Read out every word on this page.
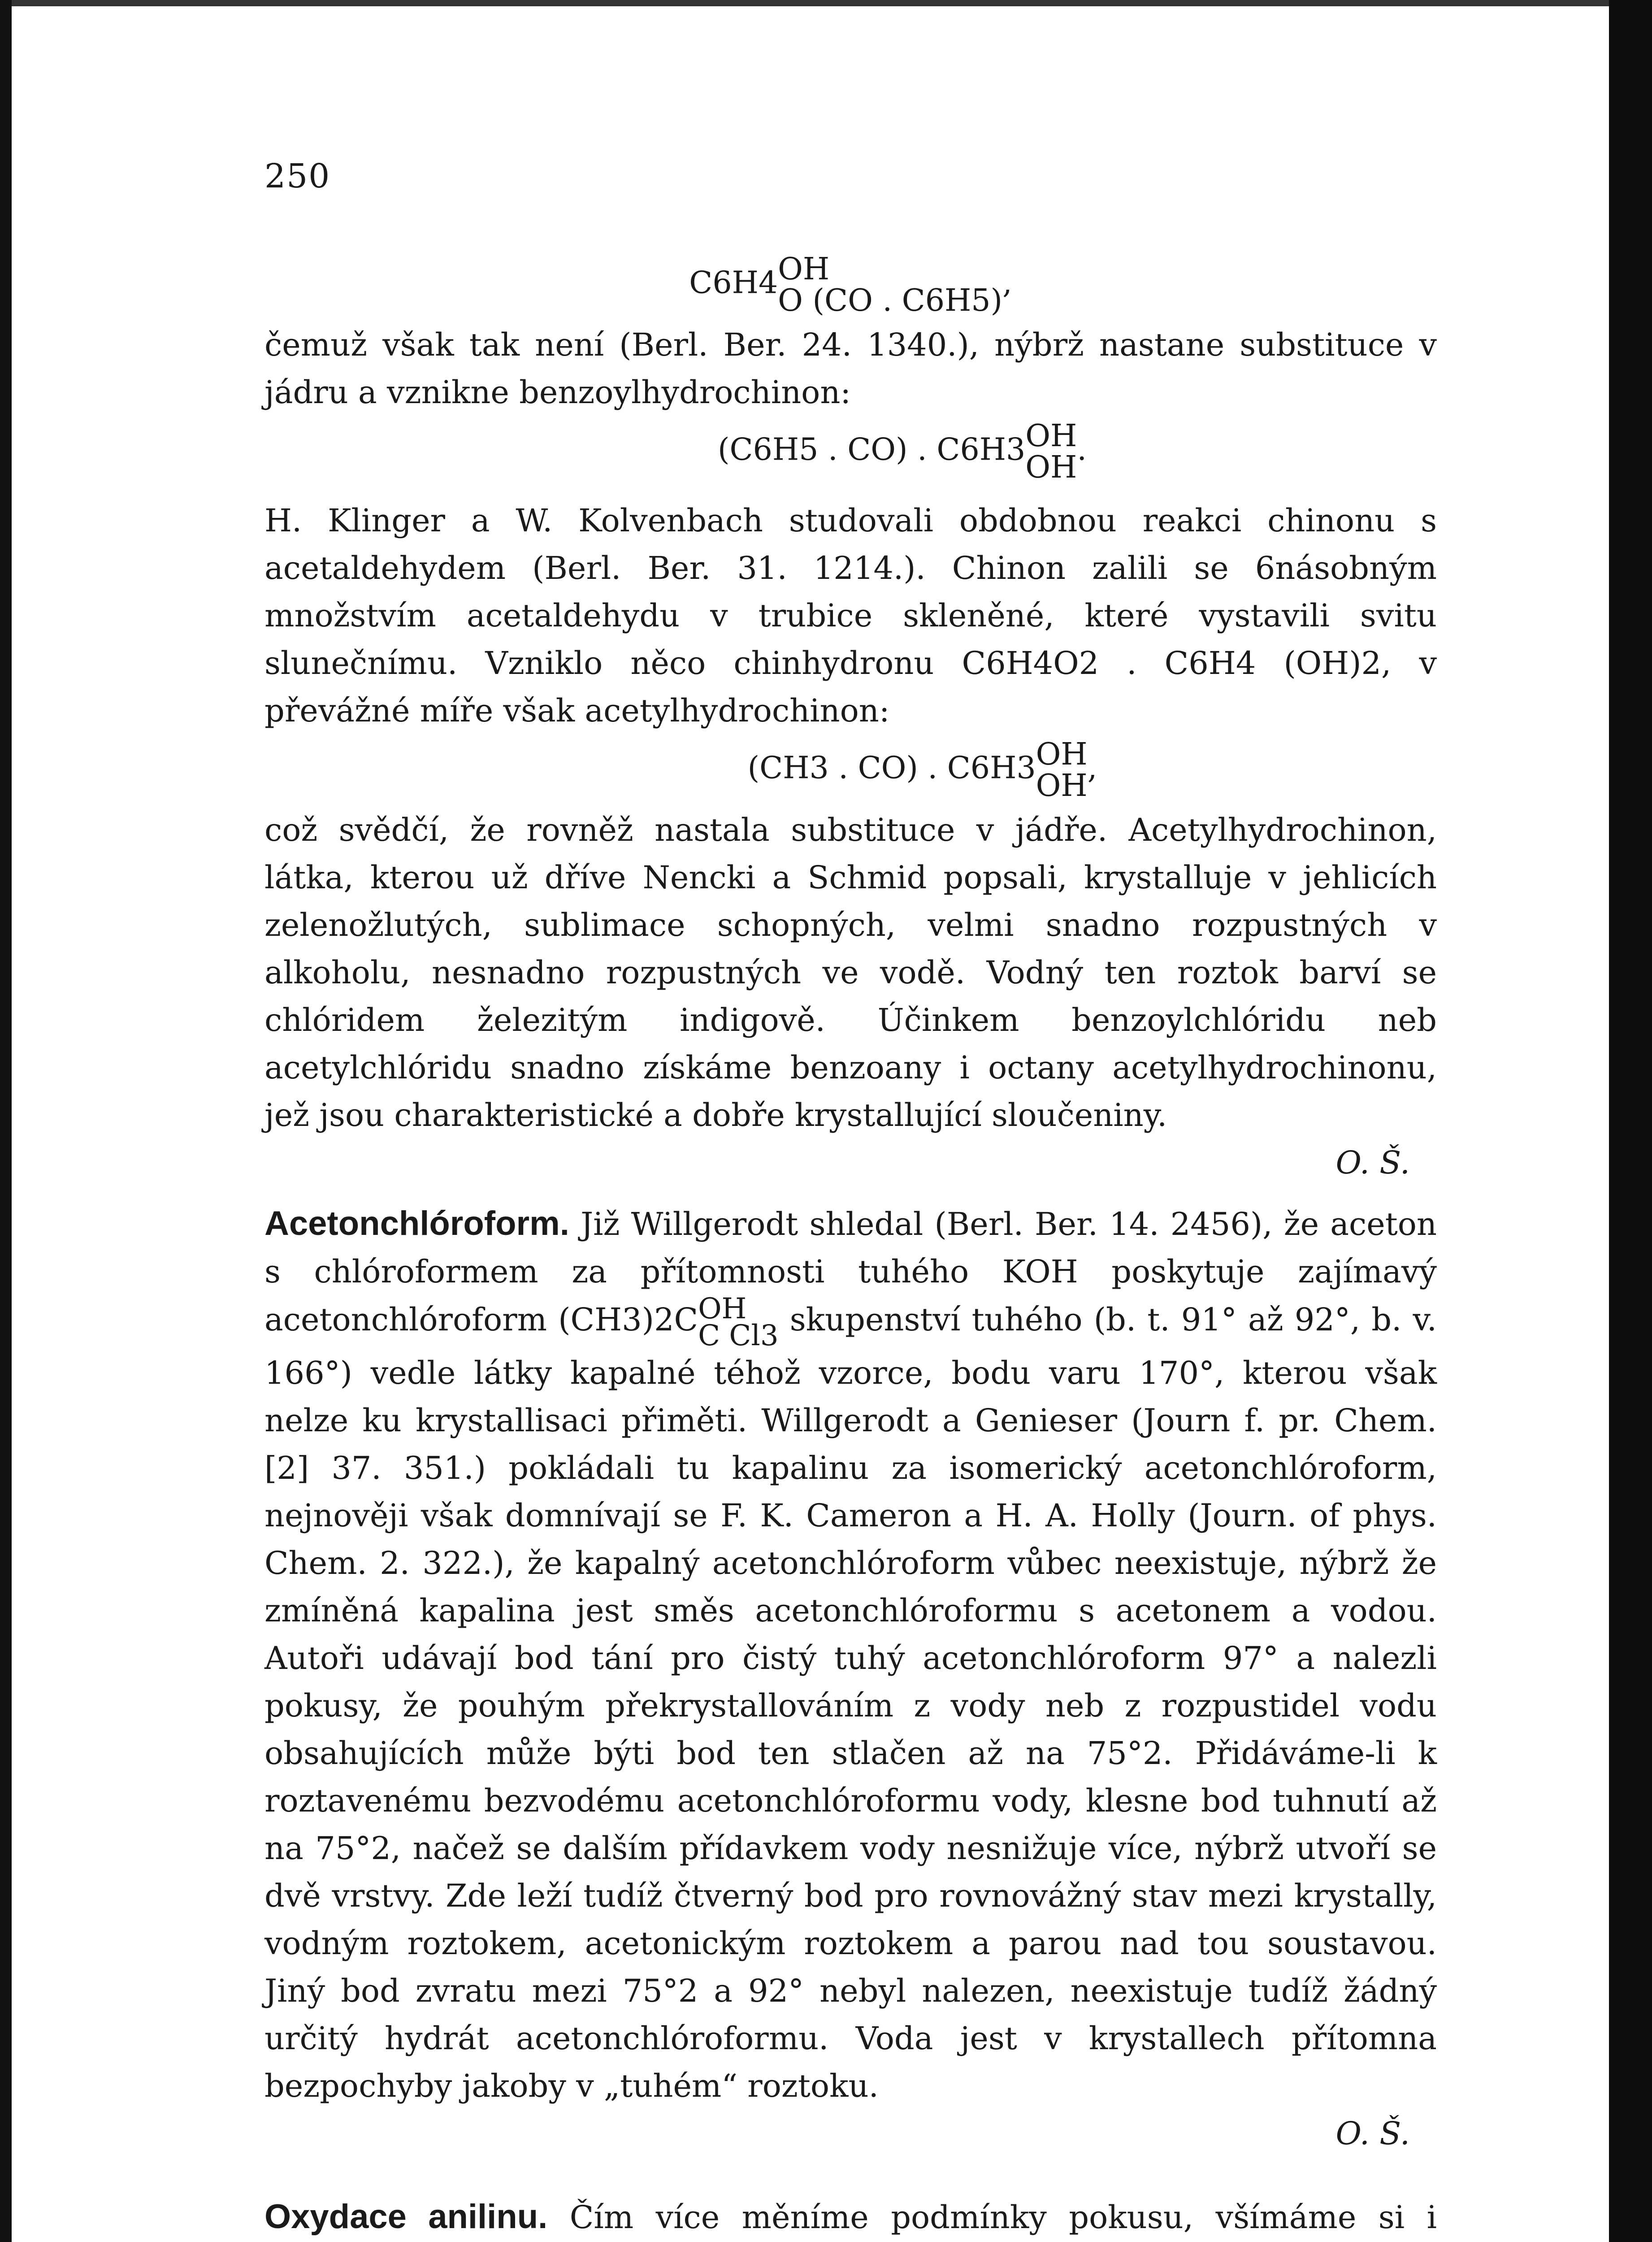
250
C6H4 OH
O (CO . C6H5) ,

čemuž však tak není (Berl. Ber. 24. 1340.), nýbrž nastane substituce v jádru a vznikne benzoylhydrochinon:

(C6H5 . CO) . C6H3 OH
OH .

H. Klinger a W. Kolvenbach studovali obdobnou reakci chinonu s acetaldehydem (Berl. Ber. 31. 1214.). Chinon zalili se 6násobným množstvím acetaldehydu v trubice skleněné, které vystavili svitu slunečnímu. Vzniklo něco chinhydronu C6H4O2 . C6H4 (OH)2, v převážné míře však acetylhydrochinon:

(CH3 . CO) . C6H3 OH
OH ,

což svědčí, že rovněž nastala substituce v jádře. Acetylhydrochinon, látka, kterou už dříve Nencki a Schmid popsali, krystalluje v jehlicích zelenožlutých, sublimace schopných, velmi snadno rozpustných v alkoholu, nesnadno rozpustných ve vodě. Vodný ten roztok barví se chlóridem železitým indigově. Účinkem benzoylchlóridu neb acetylchlóridu snadno získáme benzoany i octany acetylhydrochinonu, jež jsou charakteristické a dobře krystallující sloučeniny.

O. Š.

Acetonchlóroform. Již Willgerodt shledal (Berl. Ber. 14. 2456), že aceton s chlóroformem za přítomnosti tuhého KOH poskytuje zajímavý acetonchlóroform (CH3)2C OH
C Cl3 skupenství tuhého (b. t. 91° až 92°, b. v. 166°) vedle látky kapalné téhož vzorce, bodu varu 170°, kterou však nelze ku krystallisaci přiměti. Willgerodt a Genieser (Journ f. pr. Chem. [2] 37. 351.) pokládali tu kapalinu za isomerický acetonchlóroform, nejnověji však domnívají se F. K. Cameron a H. A. Holly (Journ. of phys. Chem. 2. 322.), že kapalný acetonchlóroform vůbec neexistuje, nýbrž že zmíněná kapalina jest směs acetonchlóroformu s acetonem a vodou. Autoři udávají bod tání pro čistý tuhý acetonchlóroform 97° a nalezli pokusy, že pouhým překrystallováním z vody neb z rozpustidel vodu obsahujících může býti bod ten stlačen až na 75°2. Přidáváme-li k roztavenému bezvodému acetonchlóroformu vody, klesne bod tuhnutí až na 75°2, načež se dalším přídavkem vody nesnižuje více, nýbrž utvoří se dvě vrstvy. Zde leží tudíž čtverný bod pro rovnovážný stav mezi krystally, vodným roztokem, acetonickým roztokem a parou nad tou soustavou. Jiný bod zvratu mezi 75°2 a 92° nebyl nalezen, neexistuje tudíž žádný určitý hydrát acetonchlóroformu. Voda jest v krystallech přítomna bezpochyby jakoby v „tuhém“ roztoku.

O. Š.

Oxydace anilinu. Čím více měníme podmínky pokusu, všímáme si i
